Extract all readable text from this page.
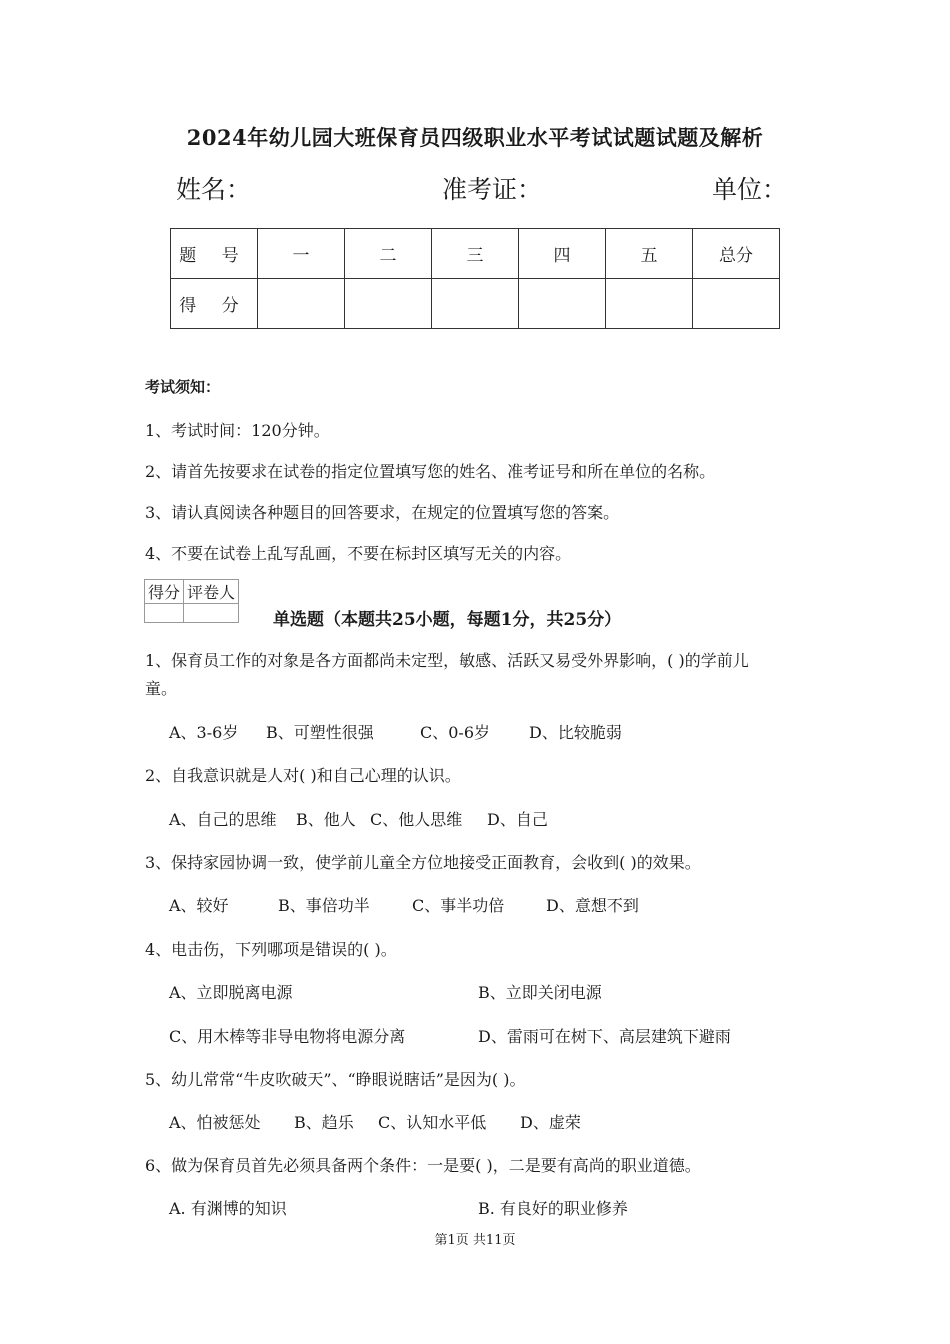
2024年幼儿园大班保育员四级职业水平考试试题试题及解析
姓名：	准考证：	单位：
题 号	一	二	三	四	五	总分
得 分						
考试须知：
1、考试时间：120分钟。
2、请首先按要求在试卷的指定位置填写您的姓名、准考证号和所在单位的名称。
3、请认真阅读各种题目的回答要求，在规定的位置填写您的答案。
4、不要在试卷上乱写乱画，不要在标封区填写无关的内容。
得分	评卷人

单选题（本题共25小题，每题1分，共25分）
1、保育员工作的对象是各方面都尚未定型，敏感、活跃又易受外界影响，( )的学前儿
童。
A、3-6岁 B、可塑性很强	C、0-6岁 D、比较脆弱
2、自我意识就是人对( )和自己心理的认识。
A、自己的思维 B、他人 C、他人思维 D、自己
3、保持家园协调一致，使学前儿童全方位地接受正面教育，会收到( )的效果。
A、较好	B、事倍功半	C、事半功倍	D、意想不到
4、电击伤，下列哪项是错误的( )。
A、立即脱离电源	B、立即关闭电源
C、用木棒等非导电物将电源分离	D、雷雨可在树下、高层建筑下避雨
5、幼儿常常“牛皮吹破天”、“睁眼说瞎话”是因为( )。
A、怕被惩处 B、趋乐 C、认知水平低 D、虚荣
6、做为保育员首先必须具备两个条件：一是要( )，二是要有高尚的职业道德。
A. 有渊博的知识	B. 有良好的职业修养
第1页 共11页
